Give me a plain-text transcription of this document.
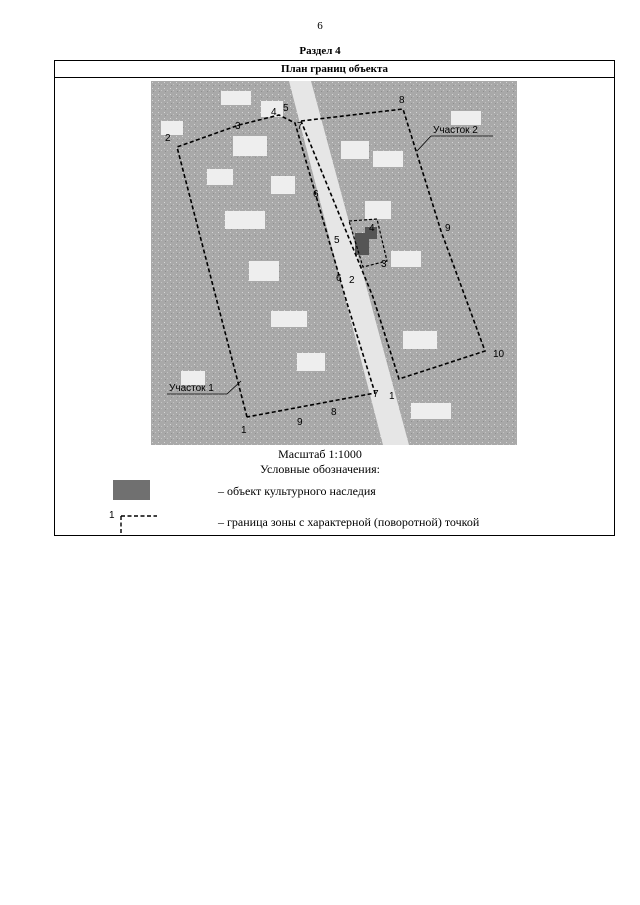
6
Раздел 4
План границ объекта
1
2
3
4 5
6
7
8
9
1
2
3
4
5
6
7
8
9
10
Участок 1
Участок 2
Масштаб 1:1000
Условные обозначения:
– объект культурного наследия
1	– граница зоны с характерной (поворотной) точкой
